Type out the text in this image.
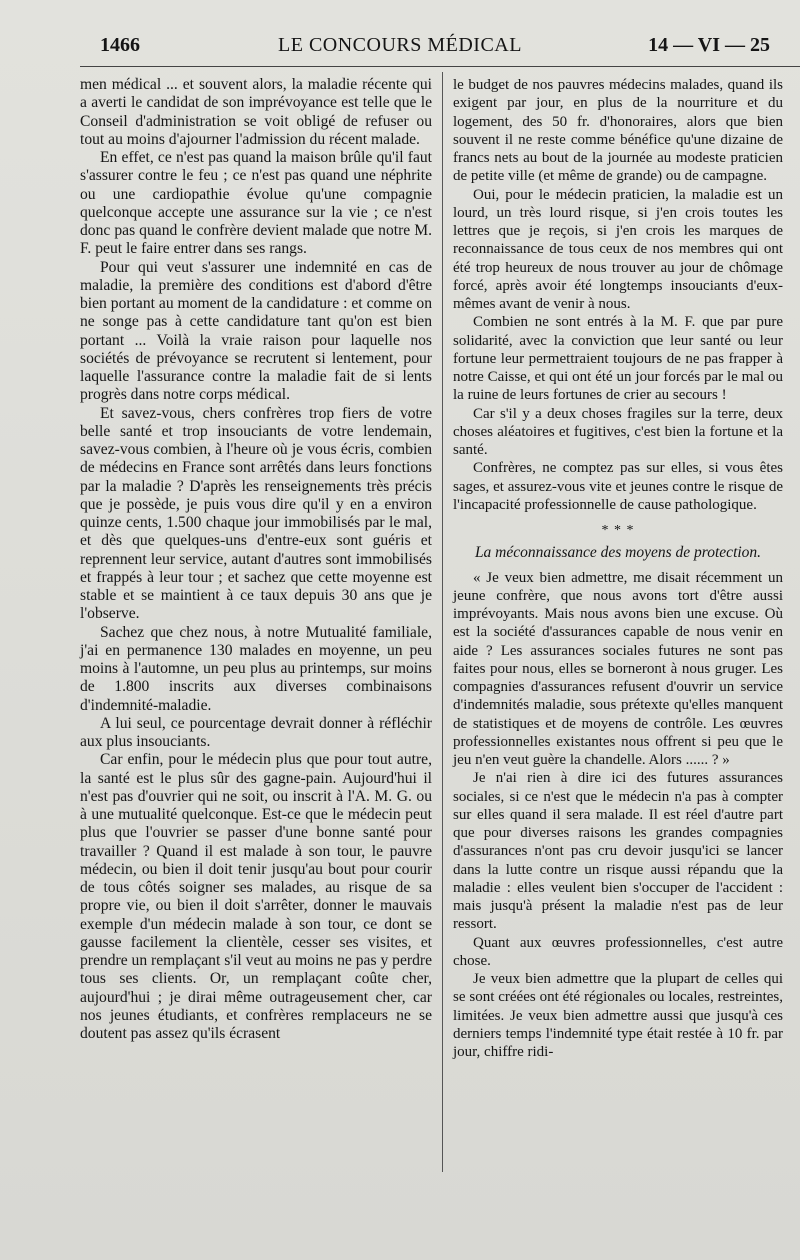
1466	LE CONCOURS MÉDICAL	14 — VI — 25

men médical ... et souvent alors, la maladie récente qui a averti le candidat de son imprévoyance est telle que le Conseil d'administration se voit obligé de refuser ou tout au moins d'ajourner l'admission du récent malade.

En effet, ce n'est pas quand la maison brûle qu'il faut s'assurer contre le feu ; ce n'est pas quand une néphrite ou une cardiopathie évolue qu'une compagnie quelconque accepte une assurance sur la vie ; ce n'est donc pas quand le confrère devient malade que notre M. F. peut le faire entrer dans ses rangs.

Pour qui veut s'assurer une indemnité en cas de maladie, la première des conditions est d'abord d'être bien portant au moment de la candidature : et comme on ne songe pas à cette candidature tant qu'on est bien portant ... Voilà la vraie raison pour laquelle nos sociétés de prévoyance se recrutent si lentement, pour laquelle l'assurance contre la maladie fait de si lents progrès dans notre corps médical.

Et savez-vous, chers confrères trop fiers de votre belle santé et trop insouciants de votre lendemain, savez-vous combien, à l'heure où je vous écris, combien de médecins en France sont arrêtés dans leurs fonctions par la maladie ? D'après les renseignements très précis que je possède, je puis vous dire qu'il y en a environ quinze cents, 1.500 chaque jour immobilisés par le mal, et dès que quelques-uns d'entre-eux sont guéris et reprennent leur service, autant d'autres sont immobilisés et frappés à leur tour ; et sachez que cette moyenne est stable et se maintient à ce taux depuis 30 ans que je l'observe.

Sachez que chez nous, à notre Mutualité familiale, j'ai en permanence 130 malades en moyenne, un peu moins à l'automne, un peu plus au printemps, sur moins de 1.800 inscrits aux diverses combinaisons d'indemnité-maladie.

A lui seul, ce pourcentage devrait donner à réfléchir aux plus insouciants.

Car enfin, pour le médecin plus que pour tout autre, la santé est le plus sûr des gagne-pain. Aujourd'hui il n'est pas d'ouvrier qui ne soit, ou inscrit à l'A. M. G. ou à une mutualité quelconque. Est-ce que le médecin peut plus que l'ouvrier se passer d'une bonne santé pour travailler ? Quand il est malade à son tour, le pauvre médecin, ou bien il doit tenir jusqu'au bout pour courir de tous côtés soigner ses malades, au risque de sa propre vie, ou bien il doit s'arrêter, donner le mauvais exemple d'un médecin malade à son tour, ce dont se gausse facilement la clientèle, cesser ses visites, et prendre un remplaçant s'il veut au moins ne pas y perdre tous ses clients. Or, un remplaçant coûte cher, aujourd'hui ; je dirai même outrageusement cher, car nos jeunes étudiants, et confrères remplaceurs ne se doutent pas assez qu'ils écrasent

le budget de nos pauvres médecins malades, quand ils exigent par jour, en plus de la nourriture et du logement, des 50 fr. d'honoraires, alors que bien souvent il ne reste comme bénéfice qu'une dizaine de francs nets au bout de la journée au modeste praticien de petite ville (et même de grande) ou de campagne.

Oui, pour le médecin praticien, la maladie est un lourd, un très lourd risque, si j'en crois toutes les lettres que je reçois, si j'en crois les marques de reconnaissance de tous ceux de nos membres qui ont été trop heureux de nous trouver au jour de chômage forcé, après avoir été longtemps insouciants d'eux-mêmes avant de venir à nous.

Combien ne sont entrés à la M. F. que par pure solidarité, avec la conviction que leur santé ou leur fortune leur permettraient toujours de ne pas frapper à notre Caisse, et qui ont été un jour forcés par le mal ou la ruine de leurs fortunes de crier au secours !

Car s'il y a deux choses fragiles sur la terre, deux choses aléatoires et fugitives, c'est bien la fortune et la santé.

Confrères, ne comptez pas sur elles, si vous êtes sages, et assurez-vous vite et jeunes contre le risque de l'incapacité professionnelle de cause pathologique.

* * *
La méconnaissance des moyens de protection.

« Je veux bien admettre, me disait récemment un jeune confrère, que nous avons tort d'être aussi imprévoyants. Mais nous avons bien une excuse. Où est la société d'assurances capable de nous venir en aide ? Les assurances sociales futures ne sont pas faites pour nous, elles se borneront à nous gruger. Les compagnies d'assurances refusent d'ouvrir un service d'indemnités maladie, sous prétexte qu'elles manquent de statistiques et de moyens de contrôle. Les œuvres professionnelles existantes nous offrent si peu que le jeu n'en veut guère la chandelle. Alors ...... ? »

Je n'ai rien à dire ici des futures assurances sociales, si ce n'est que le médecin n'a pas à compter sur elles quand il sera malade. Il est réel d'autre part que pour diverses raisons les grandes compagnies d'assurances n'ont pas cru devoir jusqu'ici se lancer dans la lutte contre un risque aussi répandu que la maladie : elles veulent bien s'occuper de l'accident : mais jusqu'à présent la maladie n'est pas de leur ressort.

Quant aux œuvres professionnelles, c'est autre chose.

Je veux bien admettre que la plupart de celles qui se sont créées ont été régionales ou locales, restreintes, limitées. Je veux bien admettre aussi que jusqu'à ces derniers temps l'indemnité type était restée à 10 fr. par jour, chiffre ridi-
